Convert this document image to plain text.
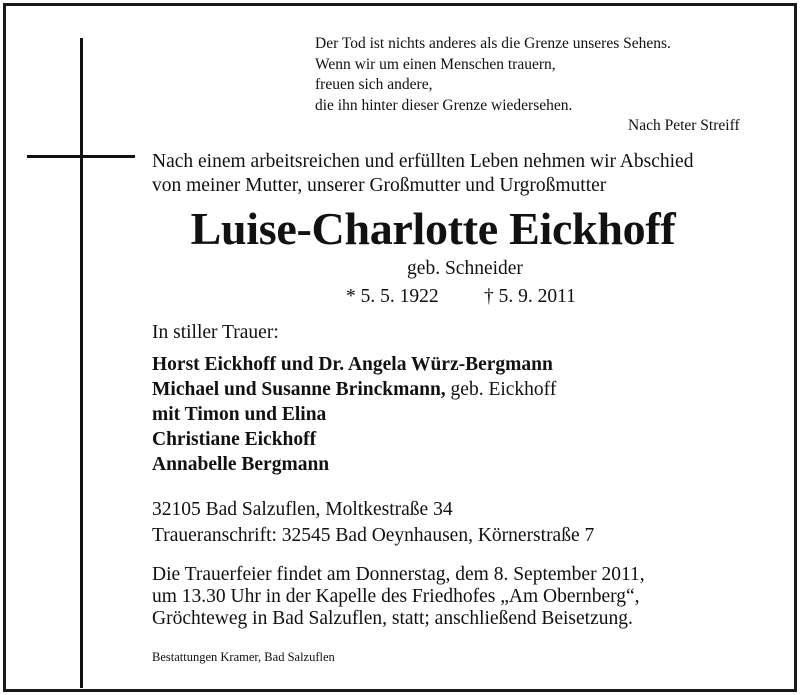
Der Tod ist nichts anderes als die Grenze unseres Sehens.
Wenn wir um einen Menschen trauern,
freuen sich andere,
die ihn hinter dieser Grenze wiedersehen.
Nach Peter Streiff
Nach einem arbeitsreichen und erfüllten Leben nehmen wir Abschied
von meiner Mutter, unserer Großmutter und Urgroßmutter
Luise-Charlotte Eickhoff
geb. Schneider
* 5. 5. 1922 † 5. 9. 2011
In stiller Trauer:
Horst Eickhoff und Dr. Angela Würz-Bergmann
Michael und Susanne Brinckmann, geb. Eickhoff
mit Timon und Elina
Christiane Eickhoff
Annabelle Bergmann
32105 Bad Salzuflen, Moltkestraße 34
Traueranschrift: 32545 Bad Oeynhausen, Körnerstraße 7
Die Trauerfeier findet am Donnerstag, dem 8. September 2011,
um 13.30 Uhr in der Kapelle des Friedhofes „Am Obernberg“,
Gröchteweg in Bad Salzuflen, statt; anschließend Beisetzung.
Bestattungen Kramer, Bad Salzuflen
